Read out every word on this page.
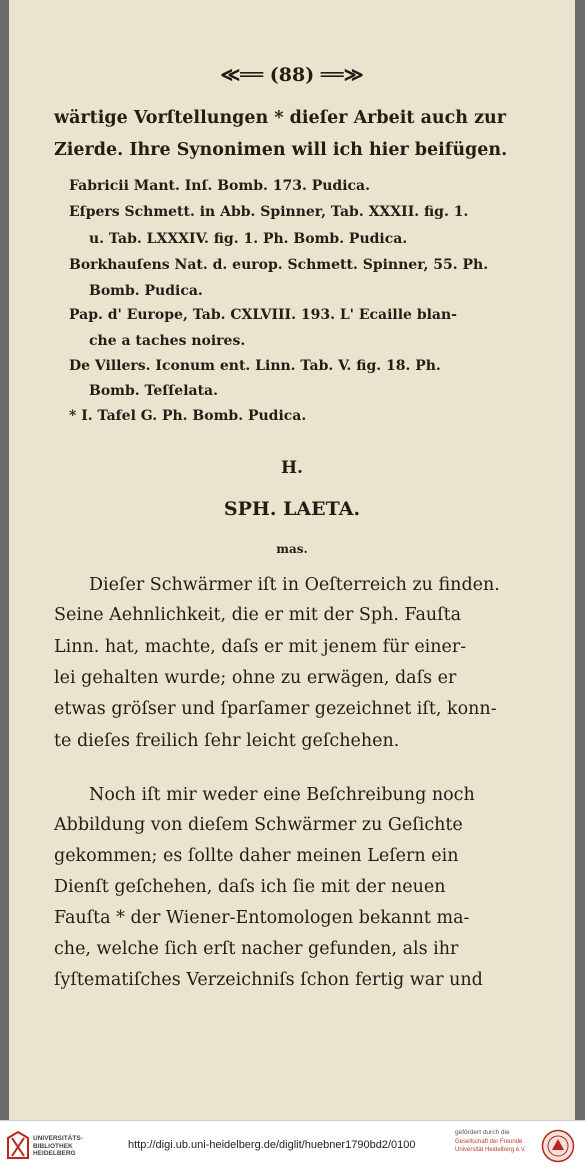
≪══ (88) ══≫
wärtige Vorſtellungen * dieſer Arbeit auch zur
Zierde. Ihre Synonimen will ich hier beifügen.
Fabricii Mant. Inſ. Bomb. 173. Pudica.
Eſpers Schmett. in Abb. Spinner, Tab. XXXII. fig. 1.
u. Tab. LXXXIV. fig. 1. Ph. Bomb. Pudica.
Borkhauſens Nat. d. europ. Schmett. Spinner, 55. Ph.
Bomb. Pudica.
Pap. d' Europe, Tab. CXLVIII. 193. L' Ecaille blan-
che a taches noires.
De Villers. Iconum ent. Linn. Tab. V. fig. 18. Ph.
Bomb. Teſſelata.
* I. Tafel G. Ph. Bomb. Pudica.
H.
SPH. LAETA.
mas.
Dieſer Schwärmer iſt in Oeſterreich zu finden.
Seine Aehnlichkeit, die er mit der Sph. Fauſta
Linn. hat, machte, daſs er mit jenem für einer-
lei gehalten wurde; ohne zu erwägen, daſs er
etwas gröſser und ſparſamer gezeichnet iſt, konn-
te dieſes freilich ſehr leicht geſchehen.
Noch iſt mir weder eine Beſchreibung noch
Abbildung von dieſem Schwärmer zu Geſichte
gekommen; es ſollte daher meinen Leſern ein
Dienſt geſchehen, daſs ich ſie mit der neuen
Fauſta * der Wiener-Entomologen bekannt ma-
che, welche ſich erſt nacher gefunden, als ihr
ſyſtematiſches Verzeichniſs ſchon fertig war und
UNIVERSITÄTS-
BIBLIOTHEK
HEIDELBERG
http://digi.ub.uni-heidelberg.de/diglit/huebner1790bd2/0100
gefördert durch die
Gesellschaft der Freunde
Universität Heidelberg e.V.
